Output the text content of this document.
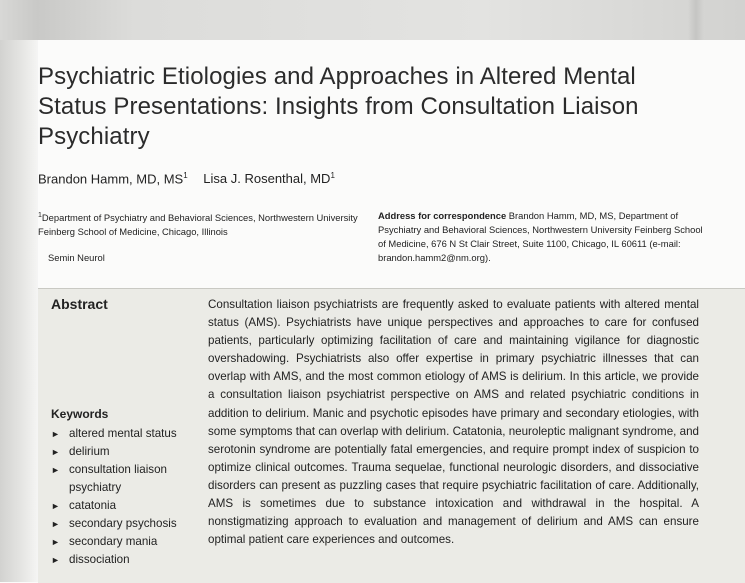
Psychiatric Etiologies and Approaches in Altered Mental Status Presentations: Insights from Consultation Liaison Psychiatry
Brandon Hamm, MD, $MS^1$ Lisa J. Rosenthal, $MD^1$
$^1$Department of Psychiatry and Behavioral Sciences, Northwestern University Feinberg School of Medicine, Chicago, Illinois
Semin Neurol
Address for correspondence Brandon Hamm, MD, MS, Department of Psychiatry and Behavioral Sciences, Northwestern University Feinberg School of Medicine, 676 N St Clair Street, Suite 1100, Chicago, IL 60611 (e-mail: brandon.hamm2@nm.org).
Abstract	Consultation liaison psychiatrists are frequently asked to evaluate patients with altered mental status (AMS). Psychiatrists have unique perspectives and approaches to care for confused patients, particularly optimizing facilitation of care and maintaining vigilance for diagnostic overshadowing. Psychiatrists also offer expertise in primary psychiatric illnesses that can overlap with AMS, and the most common etiology of AMS is delirium. In this article, we provide a consultation liaison psychiatrist perspective on AMS and related psychiatric conditions in addition to delirium. Manic and psychotic episodes have primary and secondary etiologies, with some symptoms that can overlap with delirium. Catatonia, neuroleptic malignant syndrome, and serotonin syndrome are potentially fatal emergencies, and require prompt index of suspicion to optimize clinical outcomes. Trauma sequelae, functional neurologic disorders, and dissociative disorders can present as puzzling cases that require psychiatric facilitation of care. Additionally, AMS is sometimes due to substance intoxication and withdrawal in the hospital. A nonstigmatizing approach to evaluation and management of delirium and AMS can ensure optimal patient care experiences and outcomes.

Keywords
► altered mental status
► delirium
► consultation liaison psychiatry
► catatonia
► secondary psychosis
► secondary mania
► dissociation
